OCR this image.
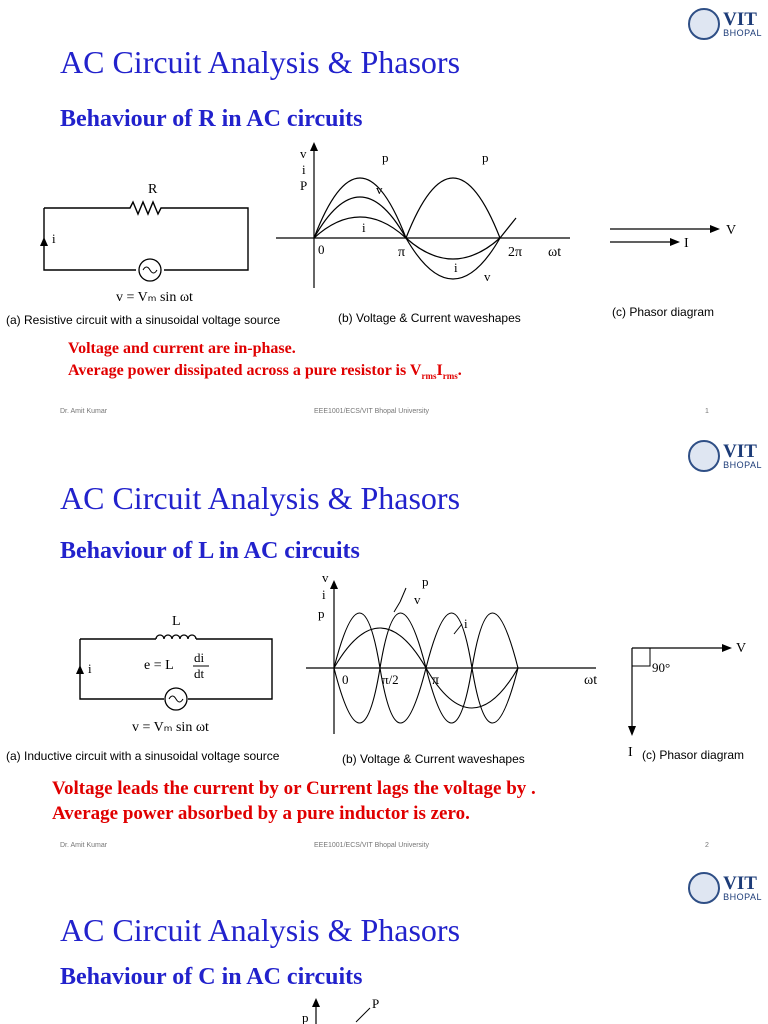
VIT
BHOPAL
AC Circuit Analysis & Phasors
Behaviour of R in AC circuits
R
i
v = Vₘ sin ωt
v
i
P
p	p
v
i
i
v
0	π	2π ωt
V
I
(a) Resistive circuit with a sinusoidal voltage source	(b) Voltage & Current waveshapes	(c) Phasor diagram
Voltage and current are in-phase.
Average power dissipated across a pure resistor is $V_{rms}I_{rms}$.
Dr. Amit Kumar	EEE1001/ECS/VIT Bhopal University	1
VIT
BHOPAL
AC Circuit Analysis & Phasors
Behaviour of L in AC circuits
L
i	e = L
di
dt
v = Vₘ sin ωt
v
i
p
p
v
i
0	π/2 π	ωt
V
90°
I
(a) Inductive circuit with a sinusoidal voltage source	(b) Voltage & Current waveshapes	(c) Phasor diagram
Voltage leads the current by or Current lags the voltage by .
Average power absorbed by a pure inductor is zero.
Dr. Amit Kumar	EEE1001/ECS/VIT Bhopal University	2
VIT
BHOPAL
AC Circuit Analysis & Phasors
Behaviour of C in AC circuits
p
P
